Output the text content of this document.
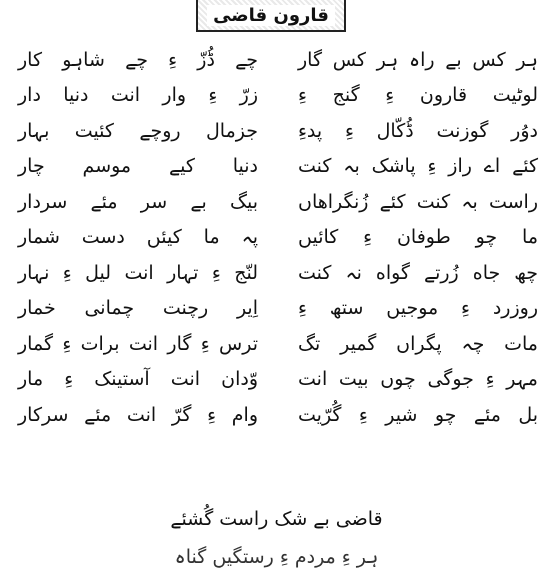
قارون قاضی
ہر کس بے راہ ہر کس گار
چے ڈُزّ ءِ چے شاہو کار
لوٹیت قارون ءِ گنج ءِ
زرّ ءِ وار انت دنیا دار
دوُر گوزنت ڈُکّال ءِ پدءِ
جزمال روچے کئیت بہار
کئے اے راز ءِ پاشک بہ کنت
دنیا کیے موسم چار
راست بہ کنت کئے زُنگراهاں
بیگ بے سر مئے سردار
ما چو طوفان ءِ کائیں
پہ ما کیئں دست شمار
چھ جاه زُرتے گواه نہ کنت
لنّج ءِ تہار انت لیل ءِ نہار
روزرد ءِ موجیں ستھ ءِ
اِیر رچنت چمانی خمار
مات چہ پگراں گمیر تگ
ترس ءِ گار انت برات ءِ گمار
مہر ءِ جوگی چوں بیت انت
وّدان انت آستینک ءِ مار
بل مئے چو شیر ءِ گُرّیت
وام ءِ گرّ انت مئے سرکار
قاضی بے شک راست گُشئے
ہر ءِ مردم ءِ رستگیں گناہ
